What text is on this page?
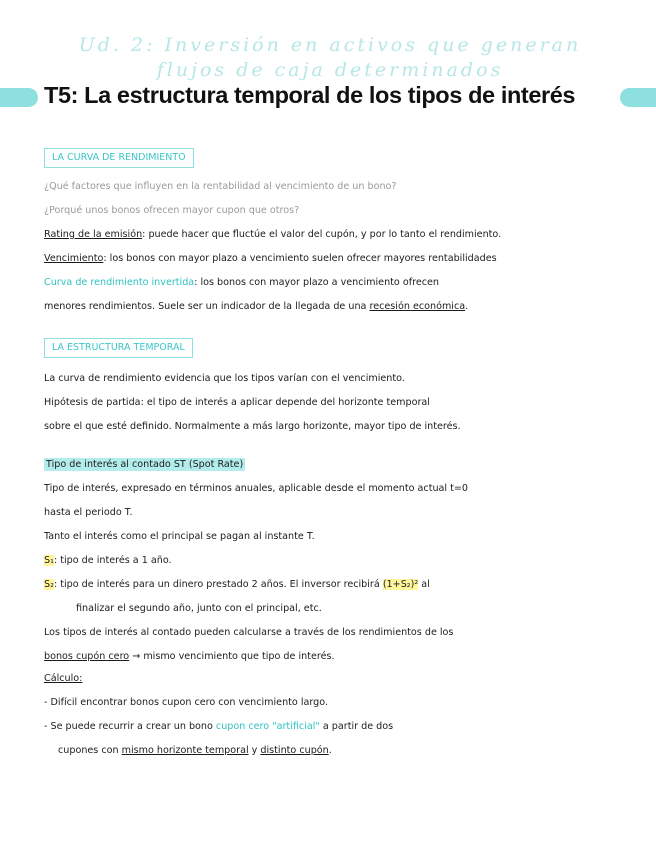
Ud. 2: Inversión en activos que generan
flujos de caja determinados
T5: La estructura temporal de los tipos de interés
LA CURVA DE RENDIMIENTO
¿Qué factores que influyen en la rentabilidad al vencimiento de un bono?
¿Porqué unos bonos ofrecen mayor cupon que otros?
Rating de la emisión: puede hacer que fluctúe el valor del cupón, y por lo tanto el rendimiento.
Vencimiento: los bonos con mayor plazo a vencimiento suelen ofrecer mayores rentabilidades
Curva de rendimiento invertida: los bonos con mayor plazo a vencimiento ofrecen
menores rendimientos. Suele ser un indicador de la llegada de una recesión económica.
LA ESTRUCTURA TEMPORAL
La curva de rendimiento evidencia que los tipos varían con el vencimiento.
Hipótesis de partida: el tipo de interés a aplicar depende del horizonte temporal
sobre el que esté definido. Normalmente a más largo horizonte, mayor tipo de interés.
Tipo de interés al contado ST (Spot Rate)
Tipo de interés, expresado en términos anuales, aplicable desde el momento actual t=0
hasta el periodo T.
Tanto el interés como el principal se pagan al instante T.
S₁: tipo de interés a 1 año.
S₂: tipo de interés para un dinero prestado 2 años. El inversor recibirá (1+S₂)² al
finalizar el segundo año, junto con el principal, etc.
Los tipos de interés al contado pueden calcularse a través de los rendimientos de los
bonos cupón cero → mismo vencimiento que tipo de interés.
Cálculo:
- Difícil encontrar bonos cupon cero con vencimiento largo.
- Se puede recurrir a crear un bono cupon cero "artificial" a partir de dos
cupones con mismo horizonte temporal y distinto cupón.
